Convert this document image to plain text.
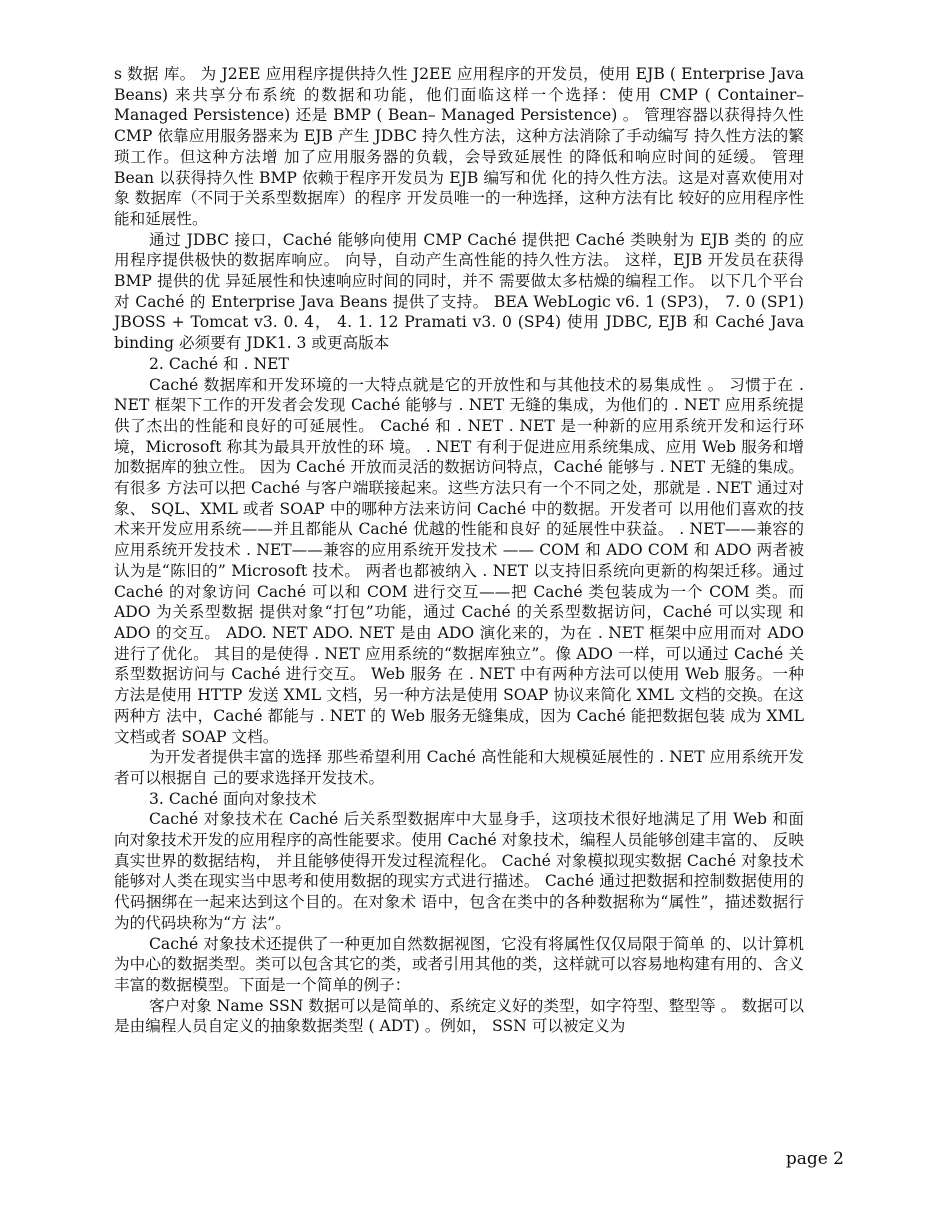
s 数据 库。 为 J2EE 应用程序提供持久性 J2EE 应用程序的开发员，使用 EJB ( Enterprise Java Beans) 来共享分布系统 的数据和功能，他们面临这样一个选择：使用 CMP ( Container– Managed Persistence) 还是 BMP ( Bean– Managed Persistence) 。 管理容器以获得持久性 CMP 依靠应用服务器来为 EJB 产生 JDBC 持久性方法，这种方法消除了手动编写 持久性方法的繁琐工作。但这种方法增 加了应用服务器的负载，会导致延展性 的降低和响应时间的延缓。 管理 Bean 以获得持久性 BMP 依赖于程序开发员为 EJB 编写和优 化的持久性方法。这是对喜欢使用对象 数据库（不同于关系型数据库）的程序 开发员唯一的一种选择，这种方法有比 较好的应用程序性能和延展性。

通过 JDBC 接口，Caché 能够向使用 CMP Caché 提供把 Caché 类映射为 EJB 类的 的应用程序提供极快的数据库响应。 向导，自动产生高性能的持久性方法。 这样，EJB 开发员在获得 BMP 提供的优 异延展性和快速响应时间的同时，并不 需要做太多枯燥的编程工作。 以下几个平台对 Caché 的 Enterprise Java Beans 提供了支持。 BEA WebLogic v6. 1 (SP3)， 7. 0 (SP1) JBOSS + Tomcat v3. 0. 4， 4. 1. 12 Pramati v3. 0 (SP4) 使用 JDBC, EJB 和 Caché Java binding 必须要有 JDK1. 3 或更高版本

2. Caché 和 . NET

Caché 数据库和开发环境的一大特点就是它的开放性和与其他技术的易集成性 。 习惯于在 . NET 框架下工作的开发者会发现 Caché 能够与 . NET 无缝的集成，为他们的 . NET 应用系统提供了杰出的性能和良好的可延展性。 Caché 和 . NET . NET 是一种新的应用系统开发和运行环境，Microsoft 称其为最具开放性的环 境。 . NET 有利于促进应用系统集成、应用 Web 服务和增加数据库的独立性。 因为 Caché 开放而灵活的数据访问特点，Caché 能够与 . NET 无缝的集成。有很多 方法可以把 Caché 与客户端联接起来。这些方法只有一个不同之处，那就是 . NET 通过对象、 SQL、XML 或者 SOAP 中的哪种方法来访问 Caché 中的数据。开发者可 以用他们喜欢的技术来开发应用系统——并且都能从 Caché 优越的性能和良好 的延展性中获益。 . NET——兼容的应用系统开发技术 . NET——兼容的应用系统开发技术 —— COM 和 ADO COM 和 ADO 两者被认为是“陈旧的” Microsoft 技术。 两者也都被纳入 . NET 以支持旧系统向更新的构架迁移。通过 Caché 的对象访问 Caché 可以和 COM 进行交互——把 Caché 类包装成为一个 COM 类。而 ADO 为关系型数据 提供对象“打包”功能，通过 Caché 的关系型数据访问，Caché 可以实现 和 ADO 的交互。 ADO. NET ADO. NET 是由 ADO 演化来的，为在 . NET 框架中应用而对 ADO 进行了优化。 其目的是使得 . NET 应用系统的“数据库独立”。像 ADO 一样，可以通过 Caché 关系型数据访问与 Caché 进行交互。 Web 服务 在 . NET 中有两种方法可以使用 Web 服务。一种方法是使用 HTTP 发送 XML 文档，另一种方法是使用 SOAP 协议来简化 XML 文档的交换。在这两种方 法中，Caché 都能与 . NET 的 Web 服务无缝集成，因为 Caché 能把数据包装 成为 XML 文档或者 SOAP 文档。

为开发者提供丰富的选择 那些希望利用 Caché 高性能和大规模延展性的 . NET 应用系统开发者可以根据自 己的要求选择开发技术。

3. Caché 面向对象技术

Caché 对象技术在 Caché 后关系型数据库中大显身手，这项技术很好地满足了用 Web 和面向对象技术开发的应用程序的高性能要求。使用 Caché 对象技术，编程人员能够创建丰富的、 反映真实世界的数据结构， 并且能够使得开发过程流程化。 Caché 对象模拟现实数据 Caché 对象技术能够对人类在现实当中思考和使用数据的现实方式进行描述。 Caché 通过把数据和控制数据使用的代码捆绑在一起来达到这个目的。在对象术 语中，包含在类中的各种数据称为“属性”，描述数据行为的代码块称为“方 法”。

Caché 对象技术还提供了一种更加自然数据视图，它没有将属性仅仅局限于简单 的、以计算机为中心的数据类型。类可以包含其它的类，或者引用其他的类，这样就可以容易地构建有用的、含义丰富的数据模型。下面是一个简单的例子：

客户对象 Name SSN 数据可以是简单的、系统定义好的类型，如字符型、整型等 。 数据可以是由编程人员自定义的抽象数据类型 ( ADT) 。例如， SSN 可以被定义为

page 2
